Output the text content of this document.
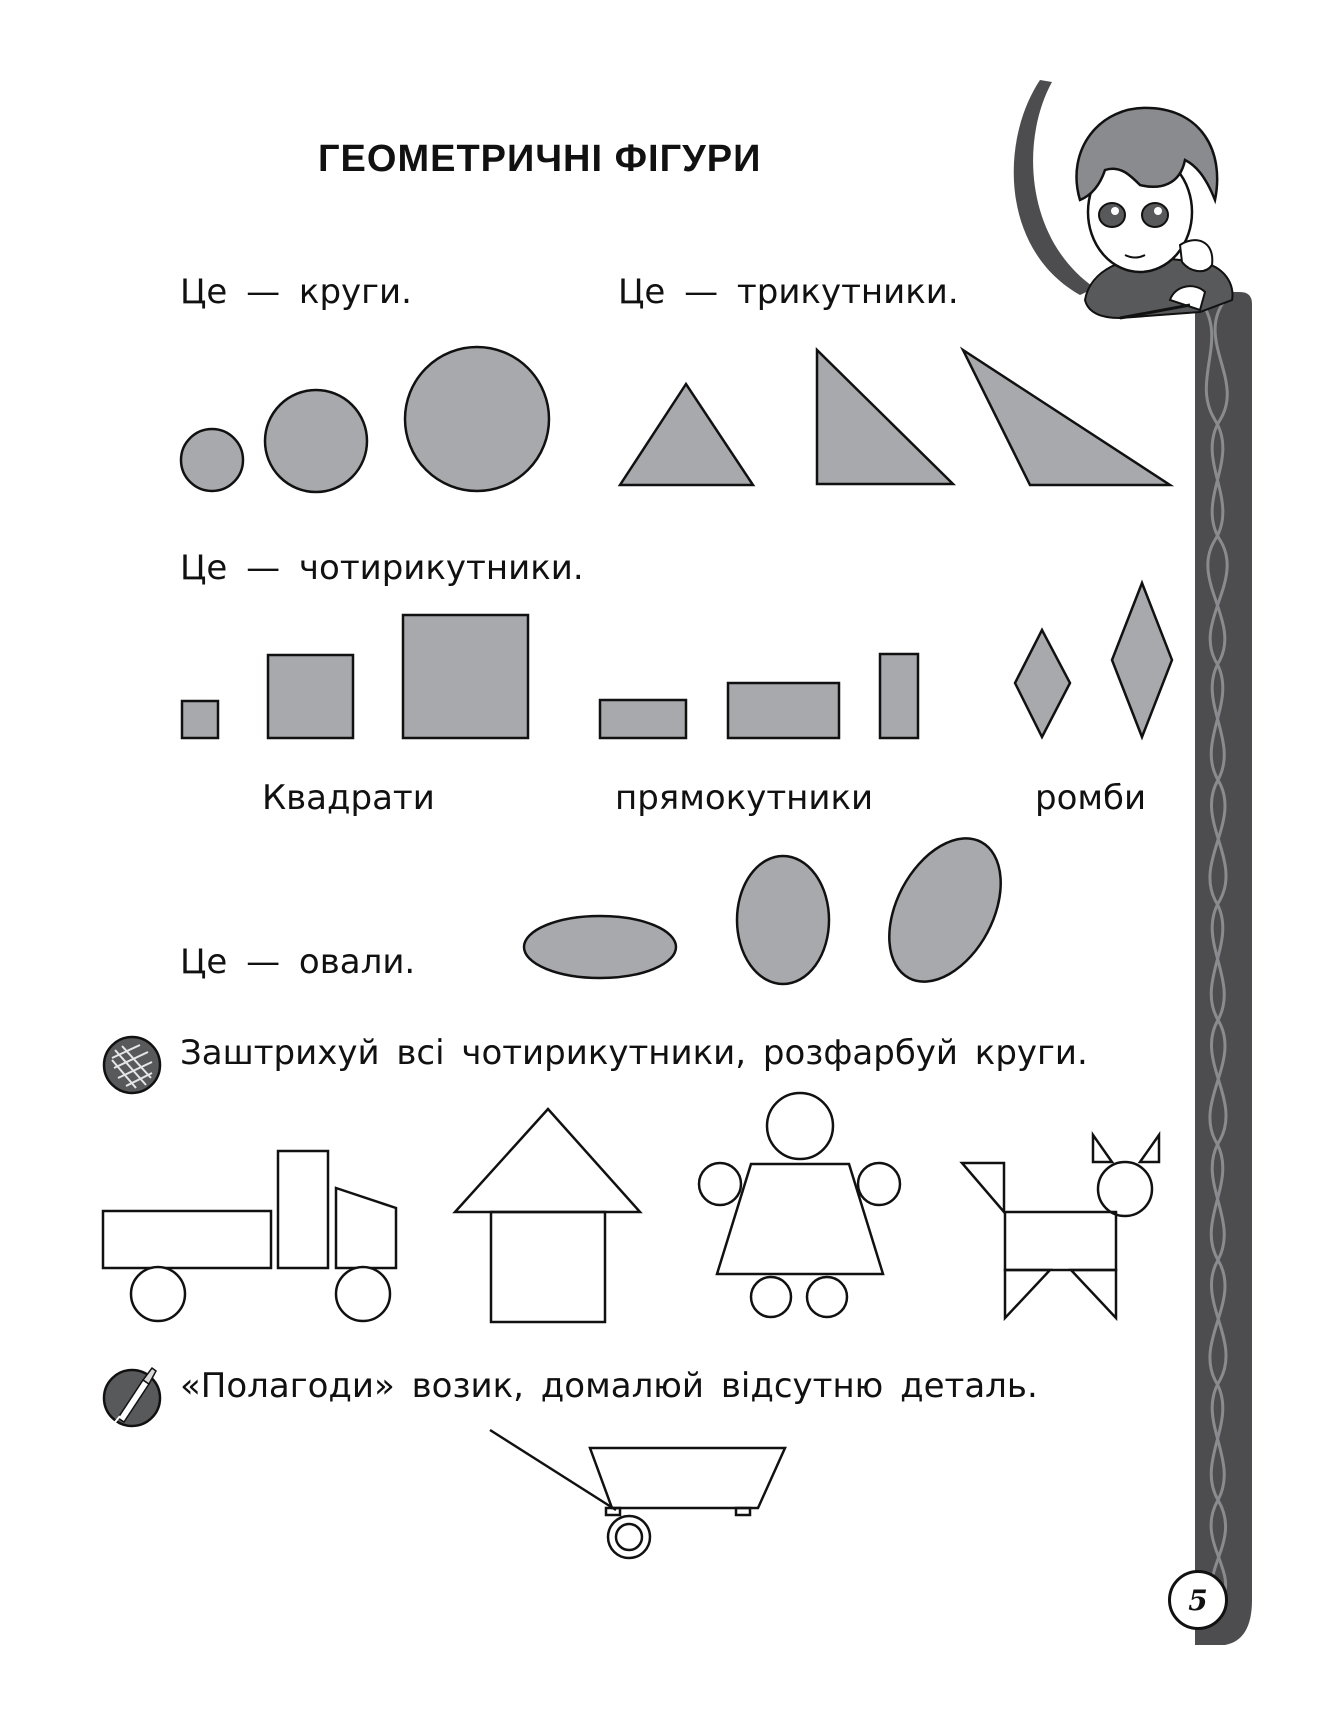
ГЕОМЕТРИЧНІ ФІГУРИ

Це — круги.	Це — трикутники.

Це — чотирикутники.

Квадрати	прямокутники	ромби

Це — овали.

Заштрихуй всі чотирикутники, розфарбуй круги.

«Полагоди» возик, домалюй відсутню деталь.

5
